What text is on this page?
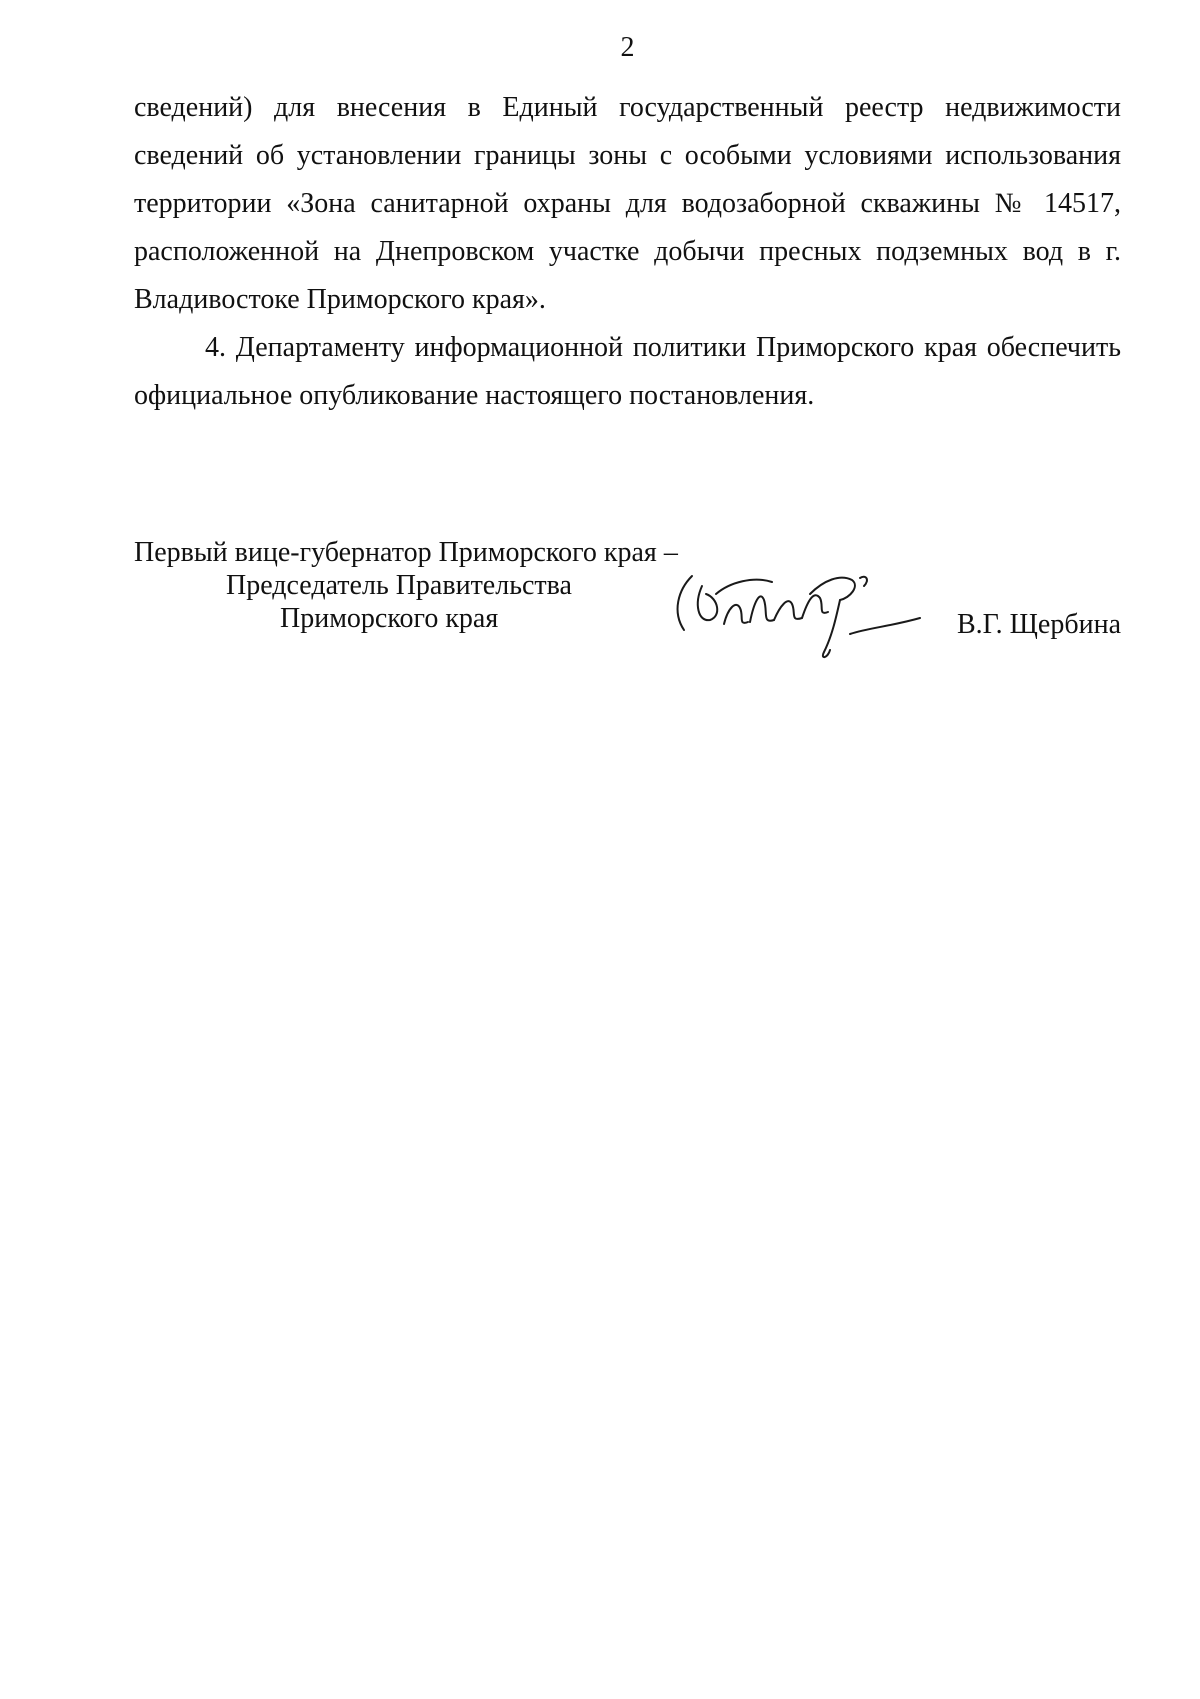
2

сведений) для внесения в Единый государственный реестр недвижимости сведений об установлении границы зоны с особыми условиями использования территории «Зона санитарной охраны для водозаборной скважины № 14517, расположенной на Днепровском участке добычи пресных подземных вод в г. Владивостоке Приморского края».

4. Департаменту информационной политики Приморского края обеспечить официальное опубликование настоящего постановления.

Первый вице-губернатор Приморского края –
Председатель Правительства
Приморского края	В.Г. Щербина
